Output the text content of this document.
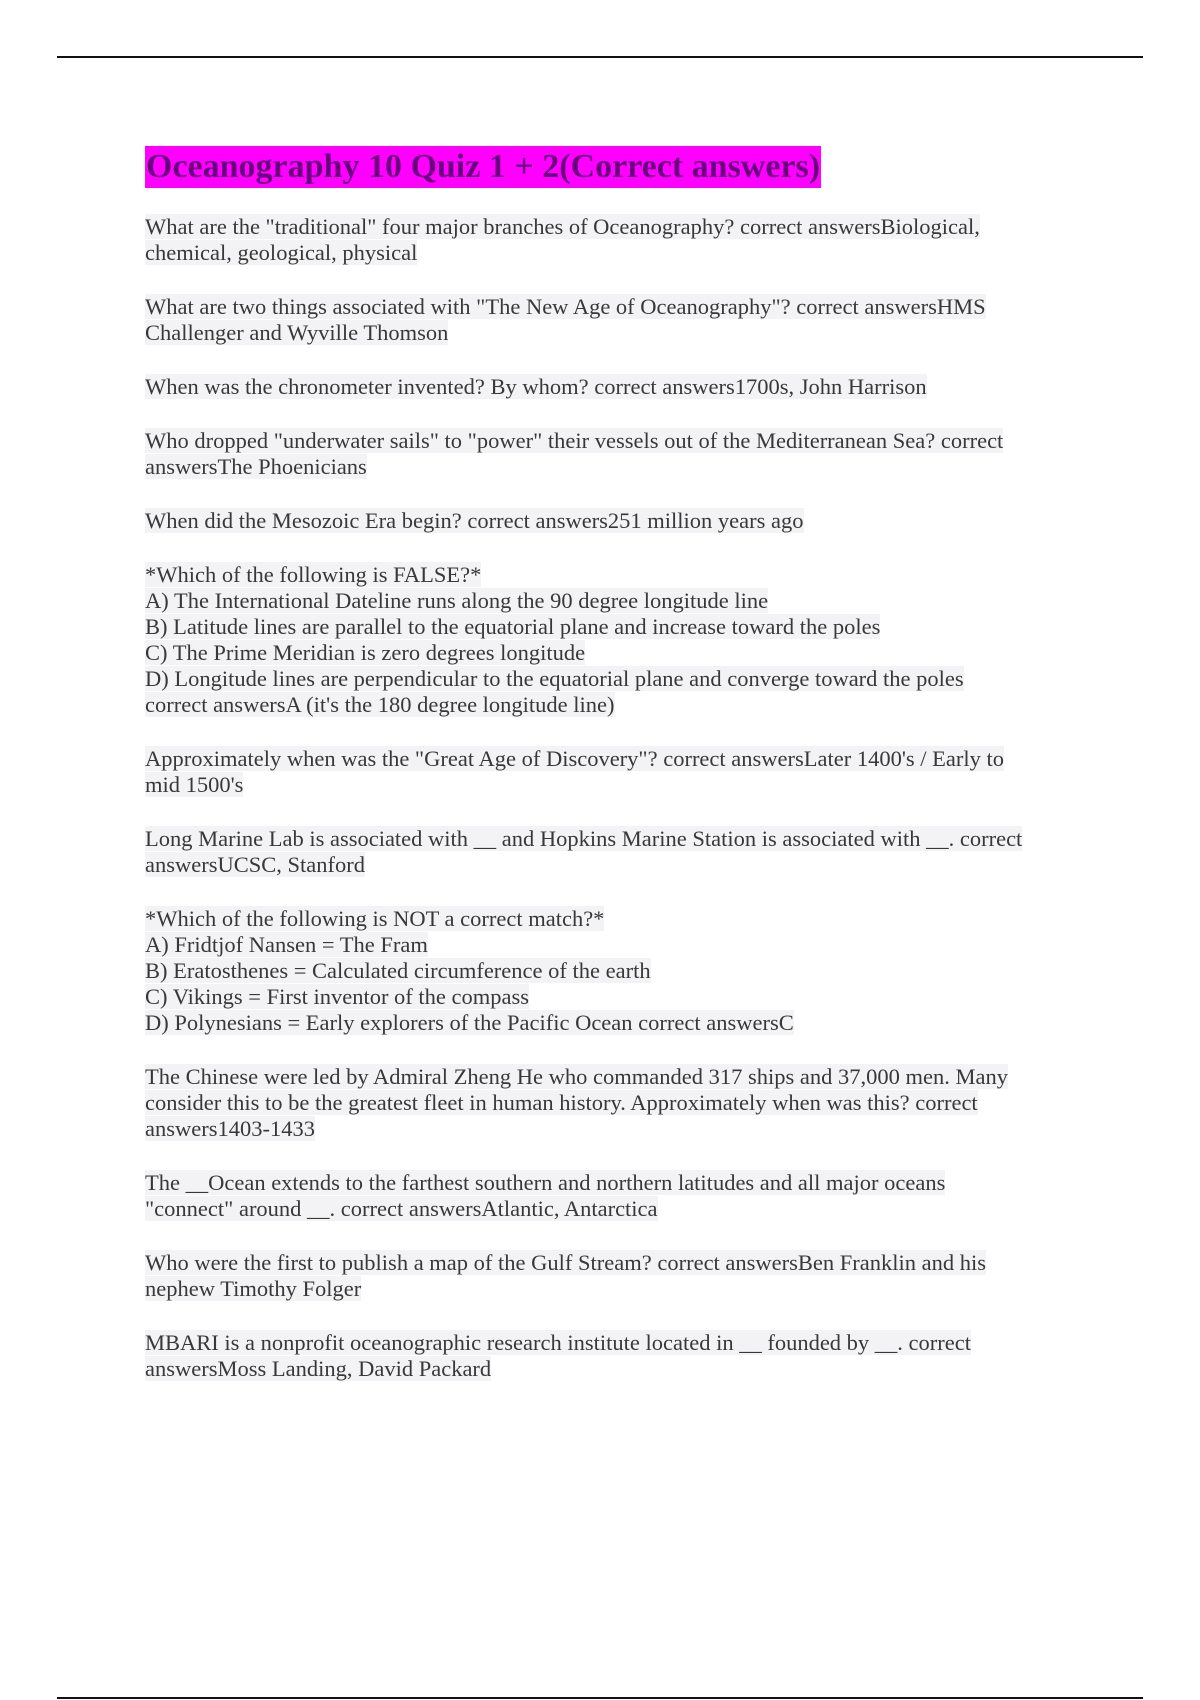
Oceanography 10 Quiz 1 + 2(Correct answers)

What are the "traditional" four major branches of Oceanography? correct answersBiological,
chemical, geological, physical

What are two things associated with "The New Age of Oceanography"? correct answersHMS
Challenger and Wyville Thomson

When was the chronometer invented? By whom? correct answers1700s, John Harrison

Who dropped "underwater sails" to "power" their vessels out of the Mediterranean Sea? correct
answersThe Phoenicians

When did the Mesozoic Era begin? correct answers251 million years ago

*Which of the following is FALSE?*
A) The International Dateline runs along the 90 degree longitude line
B) Latitude lines are parallel to the equatorial plane and increase toward the poles
C) The Prime Meridian is zero degrees longitude
D) Longitude lines are perpendicular to the equatorial plane and converge toward the poles
correct answersA (it's the 180 degree longitude line)

Approximately when was the "Great Age of Discovery"? correct answersLater 1400's / Early to
mid 1500's

Long Marine Lab is associated with __ and Hopkins Marine Station is associated with __. correct
answersUCSC, Stanford

*Which of the following is NOT a correct match?*
A) Fridtjof Nansen = The Fram
B) Eratosthenes = Calculated circumference of the earth
C) Vikings = First inventor of the compass
D) Polynesians = Early explorers of the Pacific Ocean correct answersC

The Chinese were led by Admiral Zheng He who commanded 317 ships and 37,000 men. Many
consider this to be the greatest fleet in human history. Approximately when was this? correct
answers1403-1433

The __Ocean extends to the farthest southern and northern latitudes and all major oceans
"connect" around __. correct answersAtlantic, Antarctica

Who were the first to publish a map of the Gulf Stream? correct answersBen Franklin and his
nephew Timothy Folger

MBARI is a nonprofit oceanographic research institute located in __ founded by __. correct
answersMoss Landing, David Packard
